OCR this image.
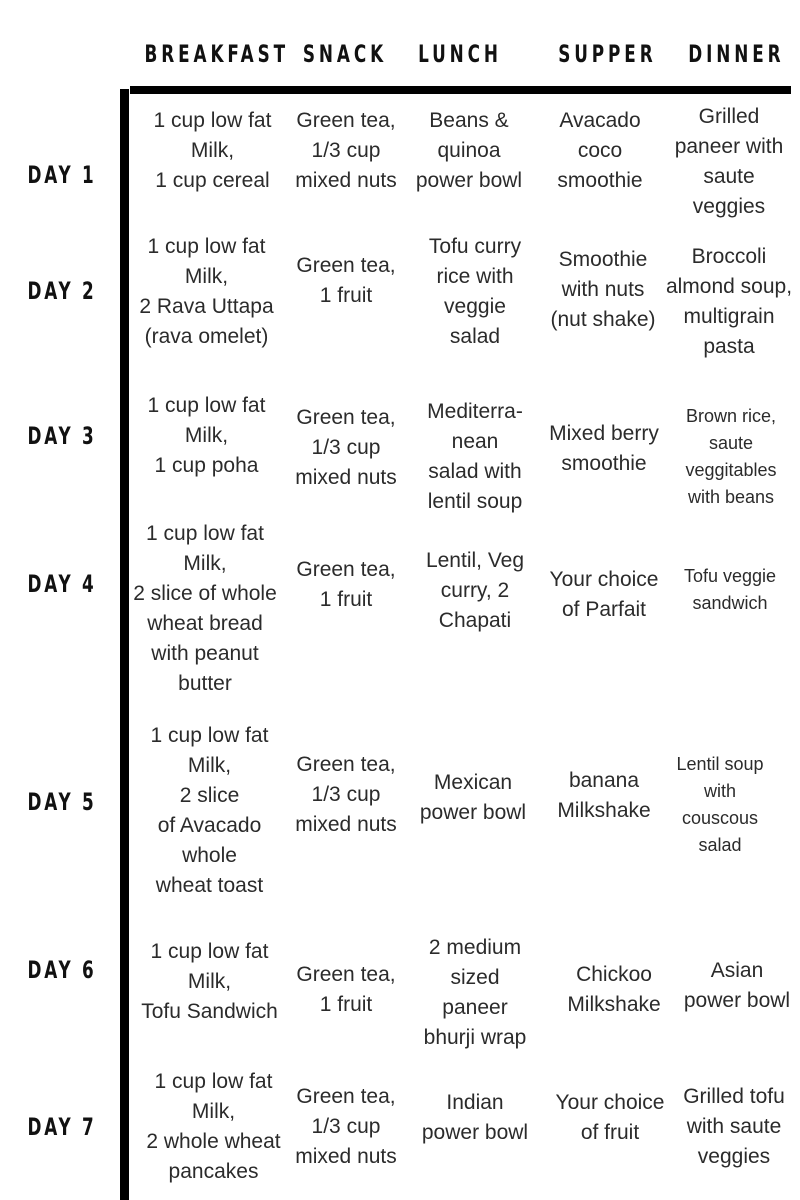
BREAKFAST SNACK LUNCH SUPPER DINNER
DAY 1
DAY 2
DAY 3
DAY 4
DAY 5
DAY 6
DAY 7
1 cup low fat
Milk,
1 cup cereal
Green tea,
1/3 cup
mixed nuts
Beans &
quinoa
power bowl
Avacado
coco
smoothie
Grilled
paneer with
saute
veggies
1 cup low fat
Milk,
2 Rava Uttapa
(rava omelet)
Green tea,
1 fruit
Tofu curry
rice with
veggie
salad
Smoothie
with nuts
(nut shake)
Broccoli
almond soup,
multigrain
pasta
1 cup low fat
Milk,
1 cup poha
Green tea,
1/3 cup
mixed nuts
Mediterra-
nean
salad with
lentil soup
Mixed berry
smoothie
Brown rice,
saute
veggitables
with beans
1 cup low fat
Milk,
2 slice of whole
wheat bread
with peanut
butter
Green tea,
1 fruit
Lentil, Veg
curry, 2
Chapati
Your choice
of Parfait
Tofu veggie
sandwich
1 cup low fat
Milk,
2 slice
of Avacado
whole
wheat toast
Green tea,
1/3 cup
mixed nuts
Mexican
power bowl
banana
Milkshake
Lentil soup
with
couscous
salad
1 cup low fat
Milk,
Tofu Sandwich
Green tea,
1 fruit
2 medium
sized
paneer
bhurji wrap
Chickoo
Milkshake
Asian
power bowl
1 cup low fat
Milk,
2 whole wheat
pancakes
Green tea,
1/3 cup
mixed nuts
Indian
power bowl
Your choice
of fruit
Grilled tofu
with saute
veggies
